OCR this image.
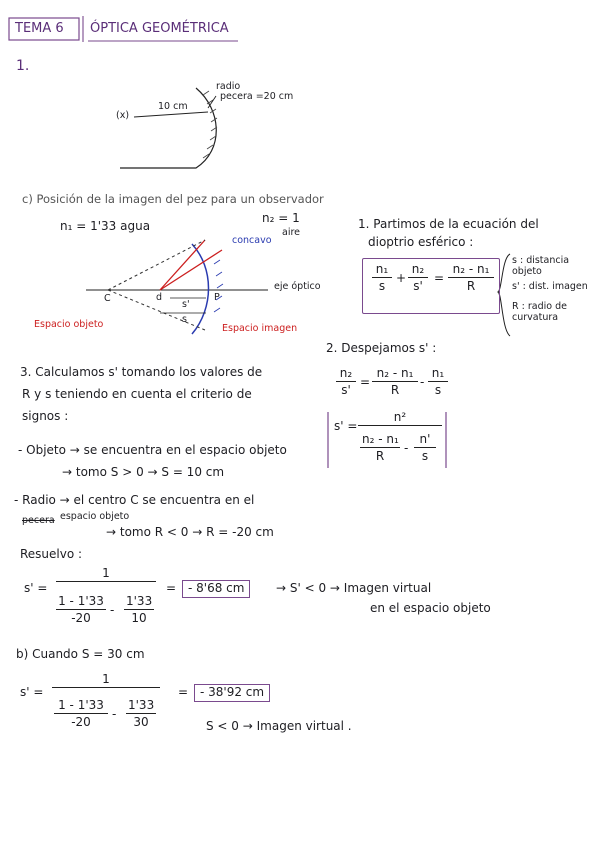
TEMA 6 ÓPTICA GEOMÉTRICA
1.
(x)
10 cm
radio
pecera =20 cm
c) Posición de la imagen del pez para un observador
n₁ = 1'33 agua
n₂ = 1
aire
concavo
eje óptico
C	d	P
s'
s
Espacio objeto	Espacio imagen
1. Partimos de la ecuación del
dioptrio esférico :
$\frac{\text{n₁}}{s} + \frac{\text{n₂}}{s'} = \frac{\text{n₂ - n₁}}{R}$
s : distancia objeto
s' : dist. imagen
R : radio de curvatura
2. Despejamos s' :
$\frac{\text{n₂}}{s'} = \frac{\text{n₂ - n₁}}{R} - \frac{\text{n₁}}{s}$
s' =
n²
$\frac{\text{n₂ - n₁}}{R} - \frac{n'}{s}$
3. Calculamos s' tomando los valores de
R y s teniendo en cuenta el criterio de
signos :
- Objeto → se encuentra en el espacio objeto
→ tomo S > 0 → S = 10 cm
- Radio → el centro C se encuentra en el
pecera espacio objeto
→ tomo R < 0 → R = -20 cm
Resuelvo :
s' =
1
$\frac{1 - 1'33}{-20} - \frac{1'33}{10}$
= - 8'68 cm	→ S' < 0 → Imagen virtual
en el espacio objeto
b) Cuando S = 30 cm
s' =
1
$\frac{1 - 1'33}{-20} - \frac{1'33}{30}$
= - 38'92 cm
S < 0 → Imagen virtual .
